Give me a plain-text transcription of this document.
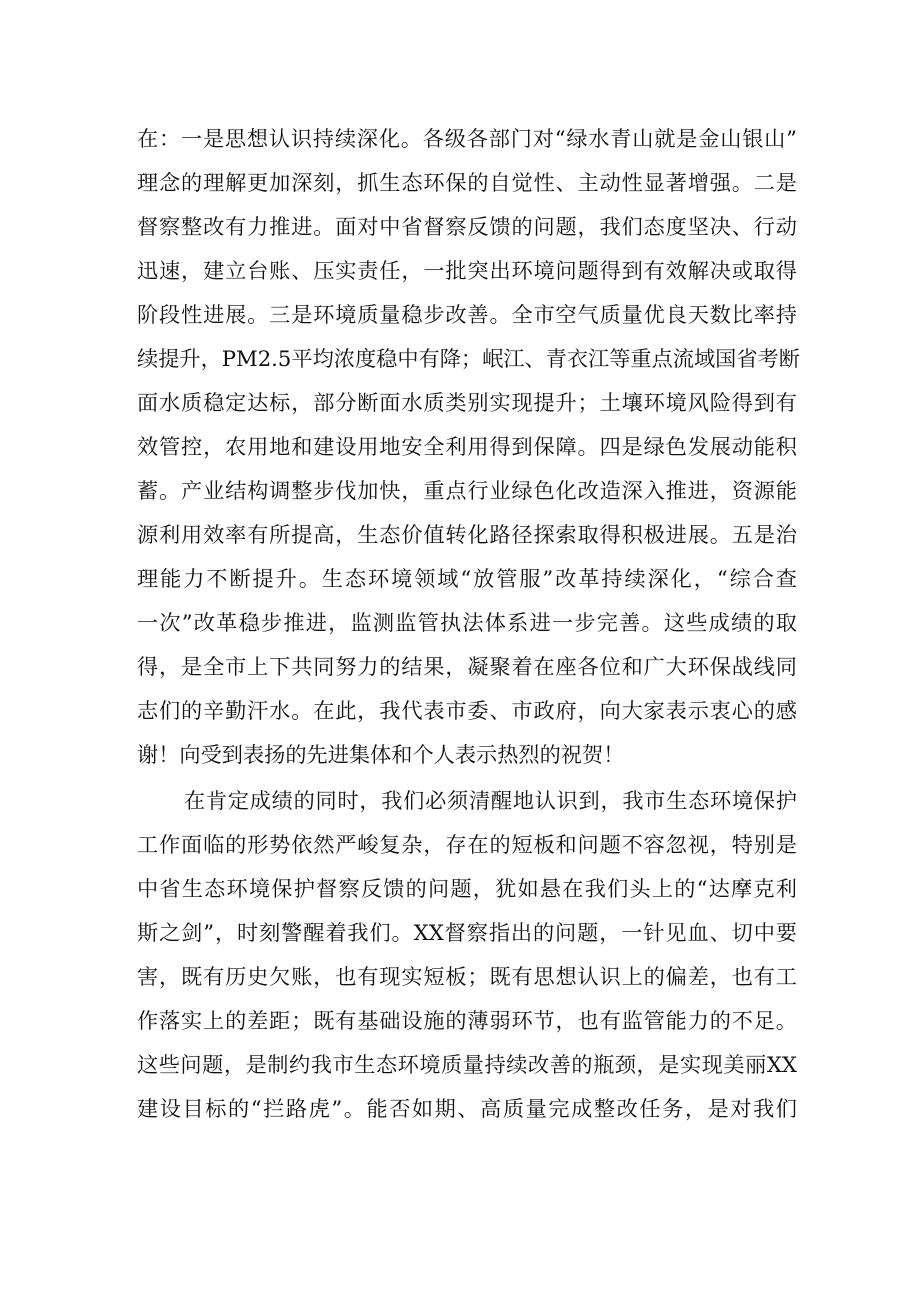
在：一是思想认识持续深化。各级各部门对“绿水青山就是金山银山”
理念的理解更加深刻，抓生态环保的自觉性、主动性显著增强。二是
督察整改有力推进。面对中省督察反馈的问题，我们态度坚决、行动
迅速，建立台账、压实责任，一批突出环境问题得到有效解决或取得
阶段性进展。三是环境质量稳步改善。全市空气质量优良天数比率持
续提升，PM2.5平均浓度稳中有降；岷江、青衣江等重点流域国省考断
面水质稳定达标，部分断面水质类别实现提升；土壤环境风险得到有
效管控，农用地和建设用地安全利用得到保障。四是绿色发展动能积
蓄。产业结构调整步伐加快，重点行业绿色化改造深入推进，资源能
源利用效率有所提高，生态价值转化路径探索取得积极进展。五是治
理能力不断提升。生态环境领域“放管服”改革持续深化，“综合查
一次”改革稳步推进，监测监管执法体系进一步完善。这些成绩的取
得，是全市上下共同努力的结果，凝聚着在座各位和广大环保战线同
志们的辛勤汗水。在此，我代表市委、市政府，向大家表示衷心的感
谢！向受到表扬的先进集体和个人表示热烈的祝贺！
在肯定成绩的同时，我们必须清醒地认识到，我市生态环境保护
工作面临的形势依然严峻复杂，存在的短板和问题不容忽视，特别是
中省生态环境保护督察反馈的问题，犹如悬在我们头上的“达摩克利
斯之剑”，时刻警醒着我们。XX督察指出的问题，一针见血、切中要
害，既有历史欠账，也有现实短板；既有思想认识上的偏差，也有工
作落实上的差距；既有基础设施的薄弱环节，也有监管能力的不足。
这些问题，是制约我市生态环境质量持续改善的瓶颈，是实现美丽XX
建设目标的“拦路虎”。能否如期、高质量完成整改任务，是对我们
